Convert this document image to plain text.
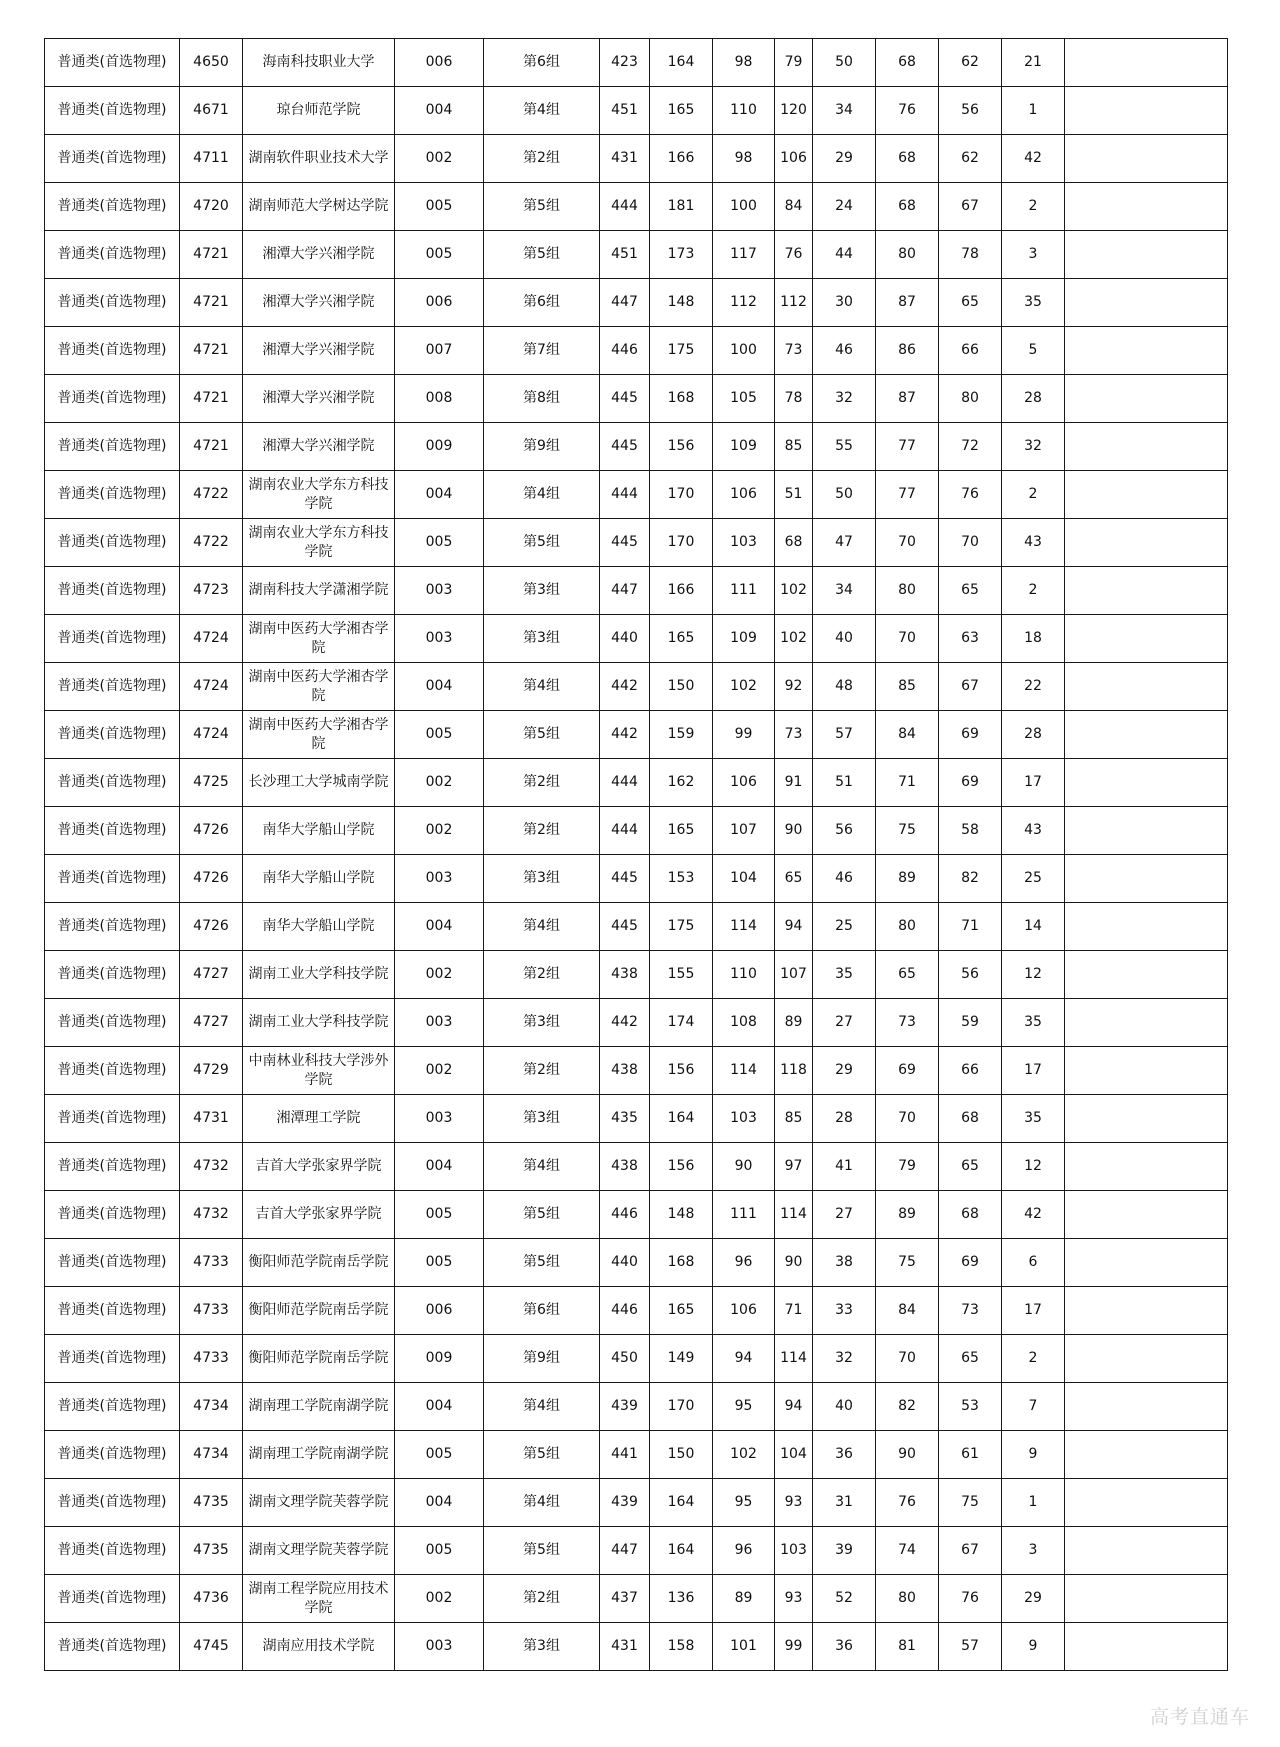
普通类(首选物理)	4650	海南科技职业大学	006	第6组	423	164	98	79	50	68	62	21	
普通类(首选物理)	4671	琼台师范学院	004	第4组	451	165	110	120	34	76	56	1	
普通类(首选物理)	4711	湖南软件职业技术大学	002	第2组	431	166	98	106	29	68	62	42	
普通类(首选物理)	4720	湖南师范大学树达学院	005	第5组	444	181	100	84	24	68	67	2	
普通类(首选物理)	4721	湘潭大学兴湘学院	005	第5组	451	173	117	76	44	80	78	3	
普通类(首选物理)	4721	湘潭大学兴湘学院	006	第6组	447	148	112	112	30	87	65	35	
普通类(首选物理)	4721	湘潭大学兴湘学院	007	第7组	446	175	100	73	46	86	66	5	
普通类(首选物理)	4721	湘潭大学兴湘学院	008	第8组	445	168	105	78	32	87	80	28	
普通类(首选物理)	4721	湘潭大学兴湘学院	009	第9组	445	156	109	85	55	77	72	32	
普通类(首选物理)	4722	湖南农业大学东方科技学院	004	第4组	444	170	106	51	50	77	76	2	
普通类(首选物理)	4722	湖南农业大学东方科技学院	005	第5组	445	170	103	68	47	70	70	43	
普通类(首选物理)	4723	湖南科技大学潇湘学院	003	第3组	447	166	111	102	34	80	65	2	
普通类(首选物理)	4724	湖南中医药大学湘杏学院	003	第3组	440	165	109	102	40	70	63	18	
普通类(首选物理)	4724	湖南中医药大学湘杏学院	004	第4组	442	150	102	92	48	85	67	22	
普通类(首选物理)	4724	湖南中医药大学湘杏学院	005	第5组	442	159	99	73	57	84	69	28	
普通类(首选物理)	4725	长沙理工大学城南学院	002	第2组	444	162	106	91	51	71	69	17	
普通类(首选物理)	4726	南华大学船山学院	002	第2组	444	165	107	90	56	75	58	43	
普通类(首选物理)	4726	南华大学船山学院	003	第3组	445	153	104	65	46	89	82	25	
普通类(首选物理)	4726	南华大学船山学院	004	第4组	445	175	114	94	25	80	71	14	
普通类(首选物理)	4727	湖南工业大学科技学院	002	第2组	438	155	110	107	35	65	56	12	
普通类(首选物理)	4727	湖南工业大学科技学院	003	第3组	442	174	108	89	27	73	59	35	
普通类(首选物理)	4729	中南林业科技大学涉外学院	002	第2组	438	156	114	118	29	69	66	17	
普通类(首选物理)	4731	湘潭理工学院	003	第3组	435	164	103	85	28	70	68	35	
普通类(首选物理)	4732	吉首大学张家界学院	004	第4组	438	156	90	97	41	79	65	12	
普通类(首选物理)	4732	吉首大学张家界学院	005	第5组	446	148	111	114	27	89	68	42	
普通类(首选物理)	4733	衡阳师范学院南岳学院	005	第5组	440	168	96	90	38	75	69	6	
普通类(首选物理)	4733	衡阳师范学院南岳学院	006	第6组	446	165	106	71	33	84	73	17	
普通类(首选物理)	4733	衡阳师范学院南岳学院	009	第9组	450	149	94	114	32	70	65	2	
普通类(首选物理)	4734	湖南理工学院南湖学院	004	第4组	439	170	95	94	40	82	53	7	
普通类(首选物理)	4734	湖南理工学院南湖学院	005	第5组	441	150	102	104	36	90	61	9	
普通类(首选物理)	4735	湖南文理学院芙蓉学院	004	第4组	439	164	95	93	31	76	75	1	
普通类(首选物理)	4735	湖南文理学院芙蓉学院	005	第5组	447	164	96	103	39	74	67	3	
普通类(首选物理)	4736	湖南工程学院应用技术学院	002	第2组	437	136	89	93	52	80	76	29	
普通类(首选物理)	4745	湖南应用技术学院	003	第3组	431	158	101	99	36	81	57	9	
高考直通车
